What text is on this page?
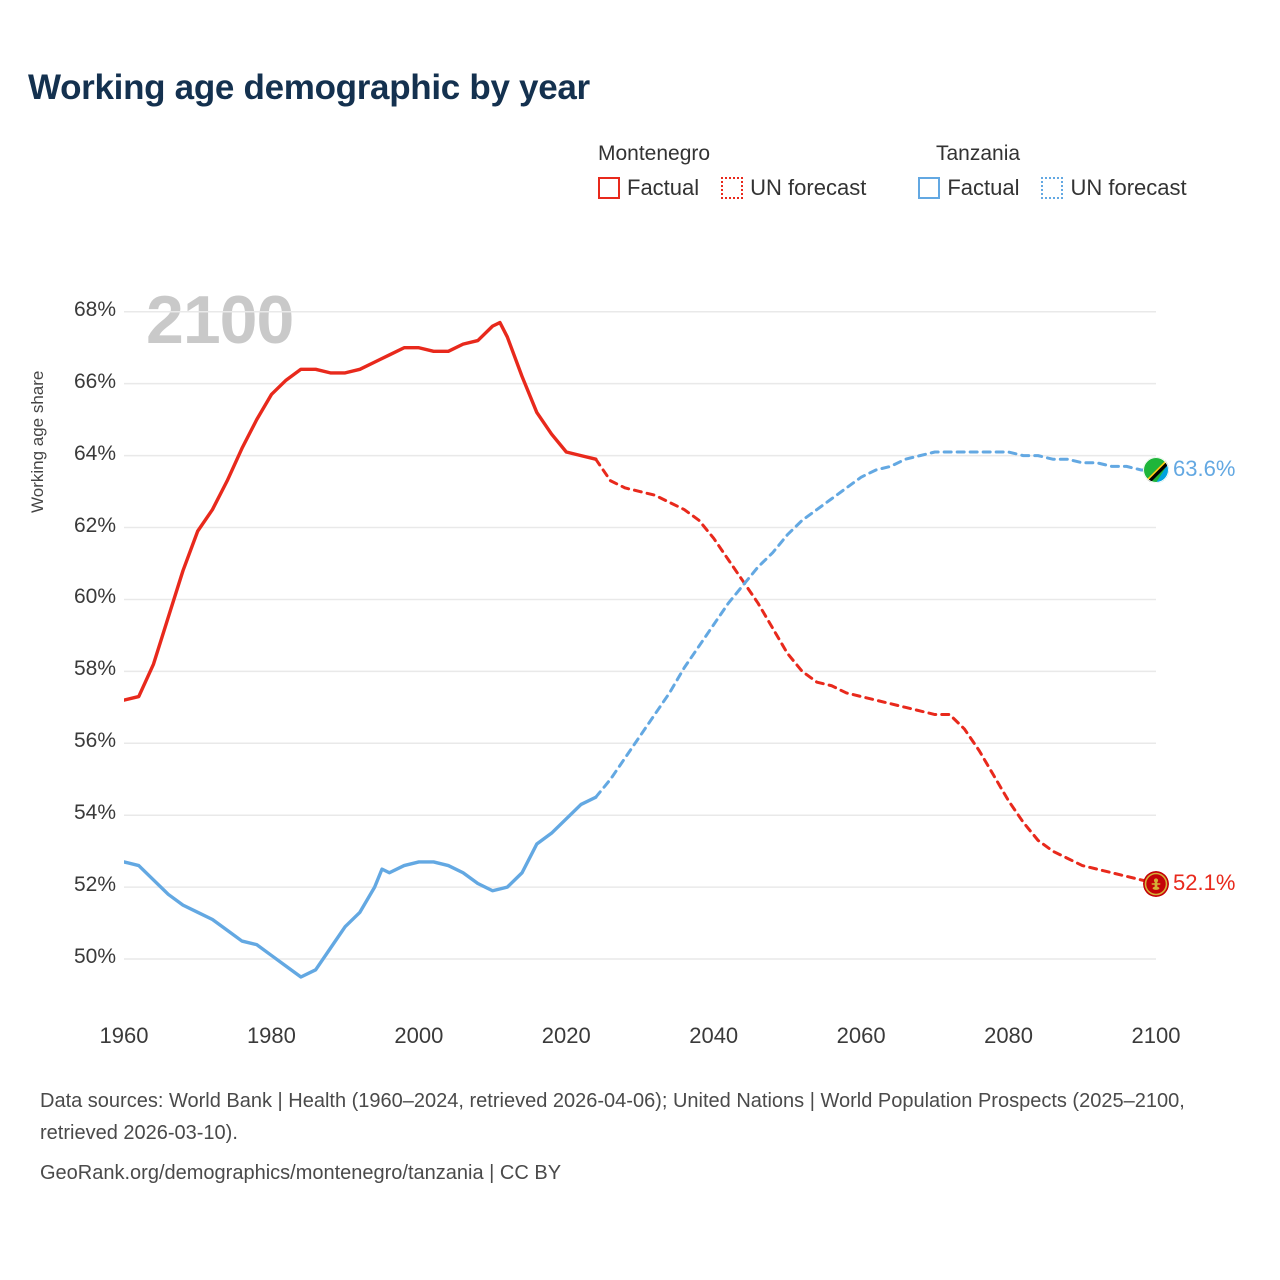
Working age demographic by year
Montenegro	Tanzania
Factual UN forecast	Factual UN forecast
2100
Working age share
50%
52%
54%
56%
58%
60%
62%
64%
66%
68%
1960	1980	2000	2020	2040	2060	2080	2100
63.6%
52.1%
Data sources: World Bank | Health (1960–2024, retrieved 2026-04-06); United Nations | World Population Prospects (2025–2100, retrieved 2026-03-10).
GeoRank.org/demographics/montenegro/tanzania | CC BY
